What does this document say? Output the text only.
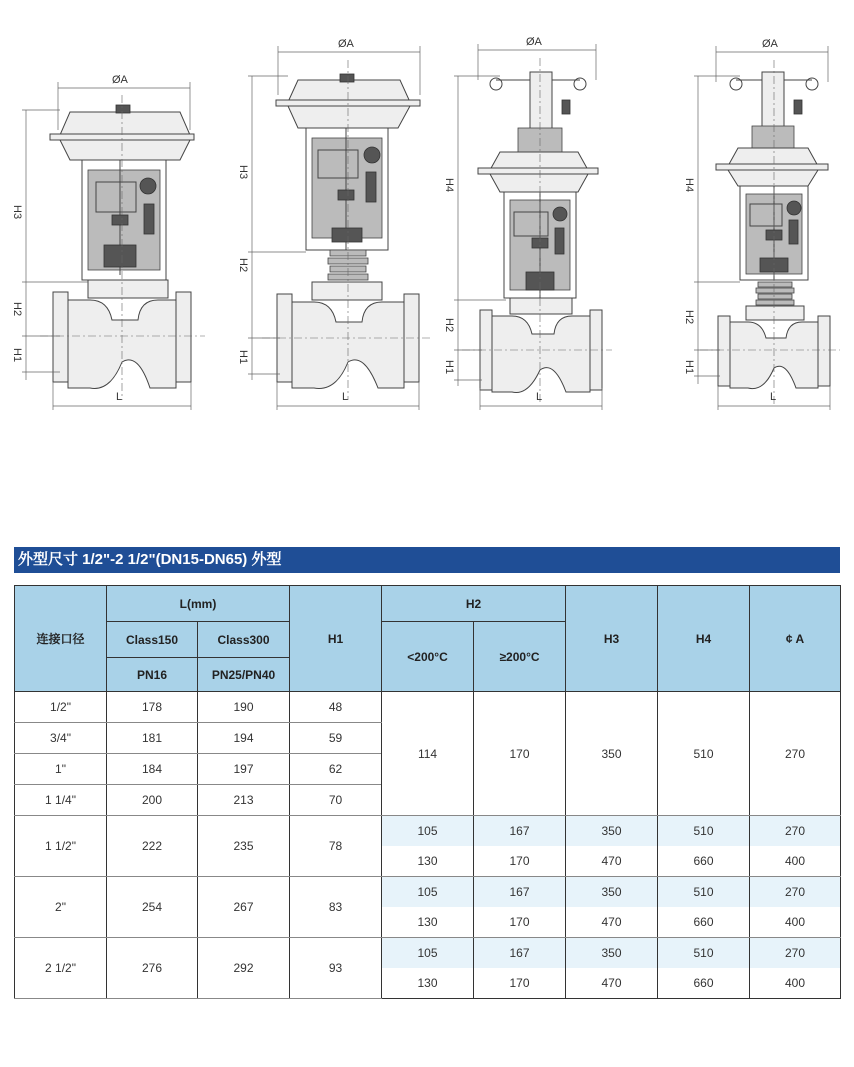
ØA
H3
H2
H1
L
ØA
H3
H2
H1
L
ØA
H4
H2
H1
L
ØA
H4
H2
H1
L
外型尺寸 1/2"-2 1/2"(DN15-DN65) 外型
连接口径	L(mm)		H1	H2		H3	H4	¢ A
	Class150	Class300		<200°C	≥200°C			
	PN16	PN25/PN40						
1/2"	178	190	48	114	170	350	510	270
3/4"	181	194	59					
1"	184	197	62					
1 1/4"	200	213	70					
1 1/2"	222	235	78	105	167	350	510	270
				130	170	470	660	400
2"	254	267	83	105	167	350	510	270
				130	170	470	660	400
2 1/2"	276	292	93	105	167	350	510	270
				130	170	470	660	400
